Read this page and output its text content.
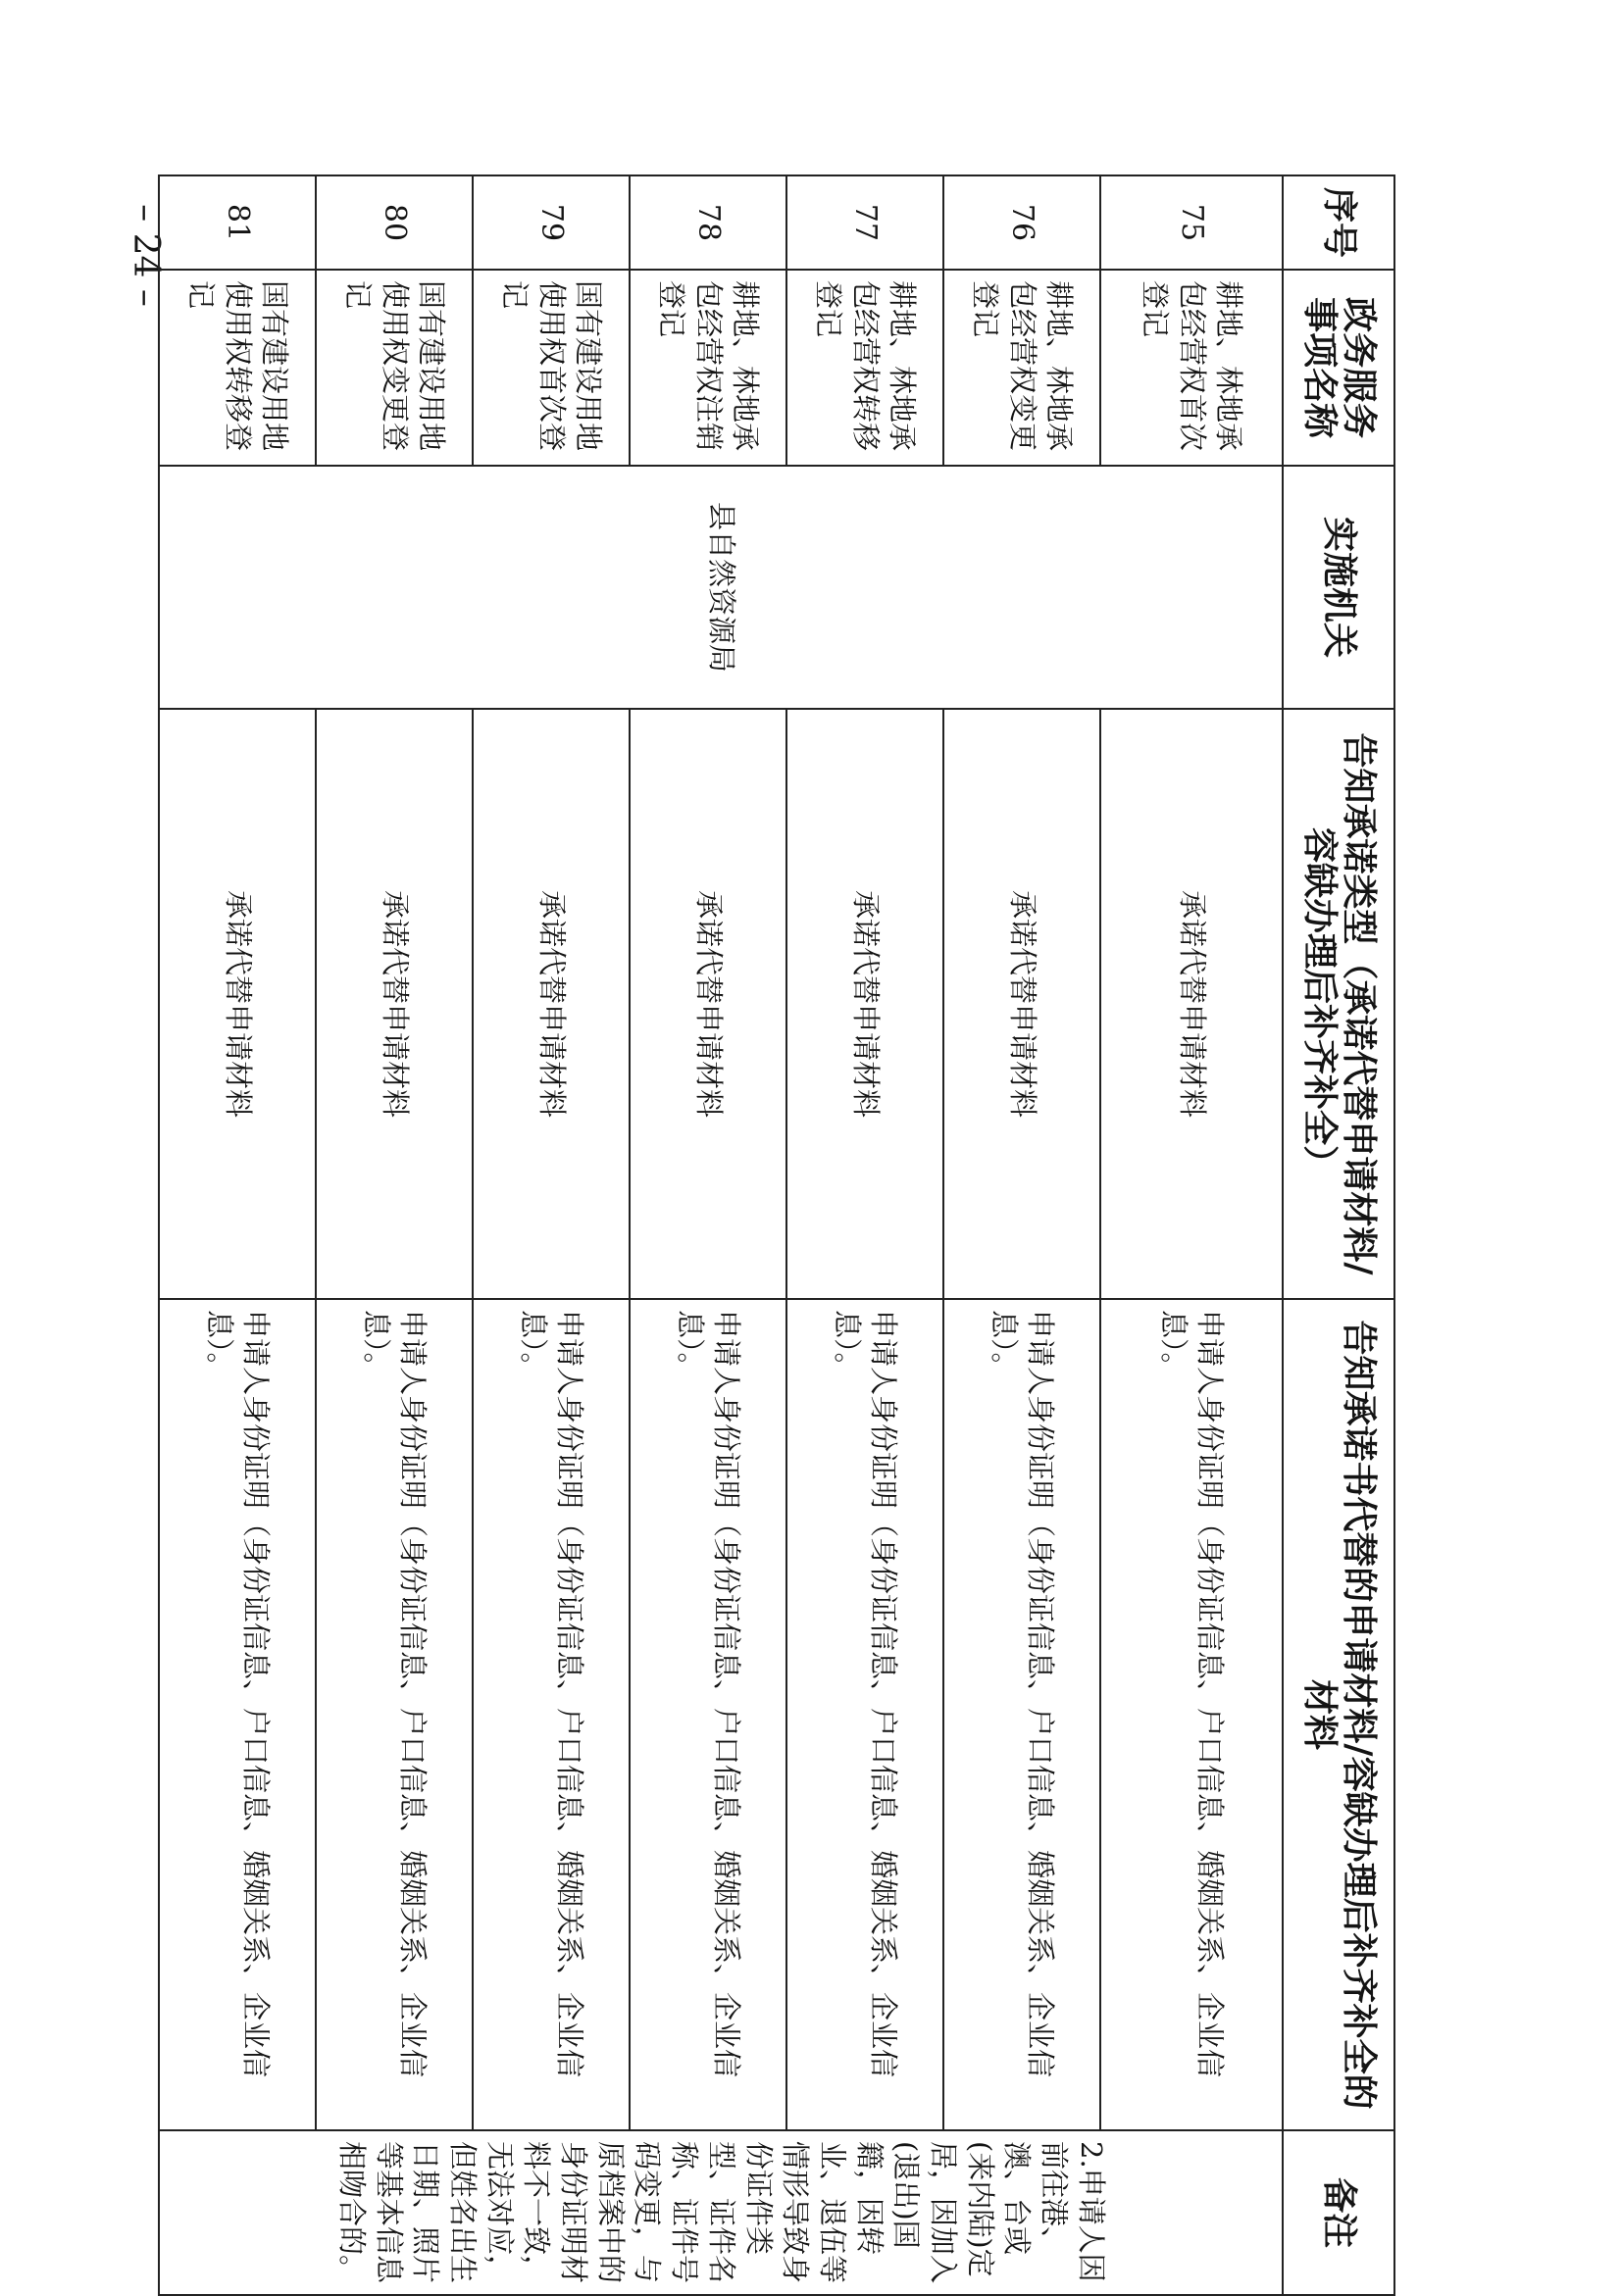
– 24 –	序号	政务服务事项名称	实施机关	告知承诺类型（承诺代替申请材料/容缺办理后补齐补全）	告知承诺书代替的申请材料/容缺办理后补齐补全的材料	备注
75	耕地、林地承包经营权首次登记	县自然资源局	承诺代替申请材料	申请人身份证明（身份证信息、户口信息、婚姻关系、企业信息）。	2.申请人因前往港、澳、台或(来内陆)定居，因加入(退出)国籍，因转业、退伍等情形导致身份证件类型、证件名称、证件号码变更，与原档案中的身份证明材料不一致，无法对应，但姓名出生日期、照片等基本信息相吻合的。
76	耕地、林地承包经营权变更登记		承诺代替申请材料	申请人身份证明（身份证信息、户口信息、婚姻关系、企业信息）。	
77	耕地、林地承包经营权转移登记		承诺代替申请材料	申请人身份证明（身份证信息、户口信息、婚姻关系、企业信息）。	
78	耕地、林地承包经营权注销登记		承诺代替申请材料	申请人身份证明（身份证信息、户口信息、婚姻关系、企业信息）。	
79	国有建设用地使用权首次登记		承诺代替申请材料	申请人身份证明（身份证信息、户口信息、婚姻关系、企业信息）。	
80	国有建设用地使用权变更登记		承诺代替申请材料	申请人身份证明（身份证信息、户口信息、婚姻关系、企业信息）。	
81	国有建设用地使用权转移登记		承诺代替申请材料	申请人身份证明（身份证信息、户口信息、婚姻关系、企业信息）。	
